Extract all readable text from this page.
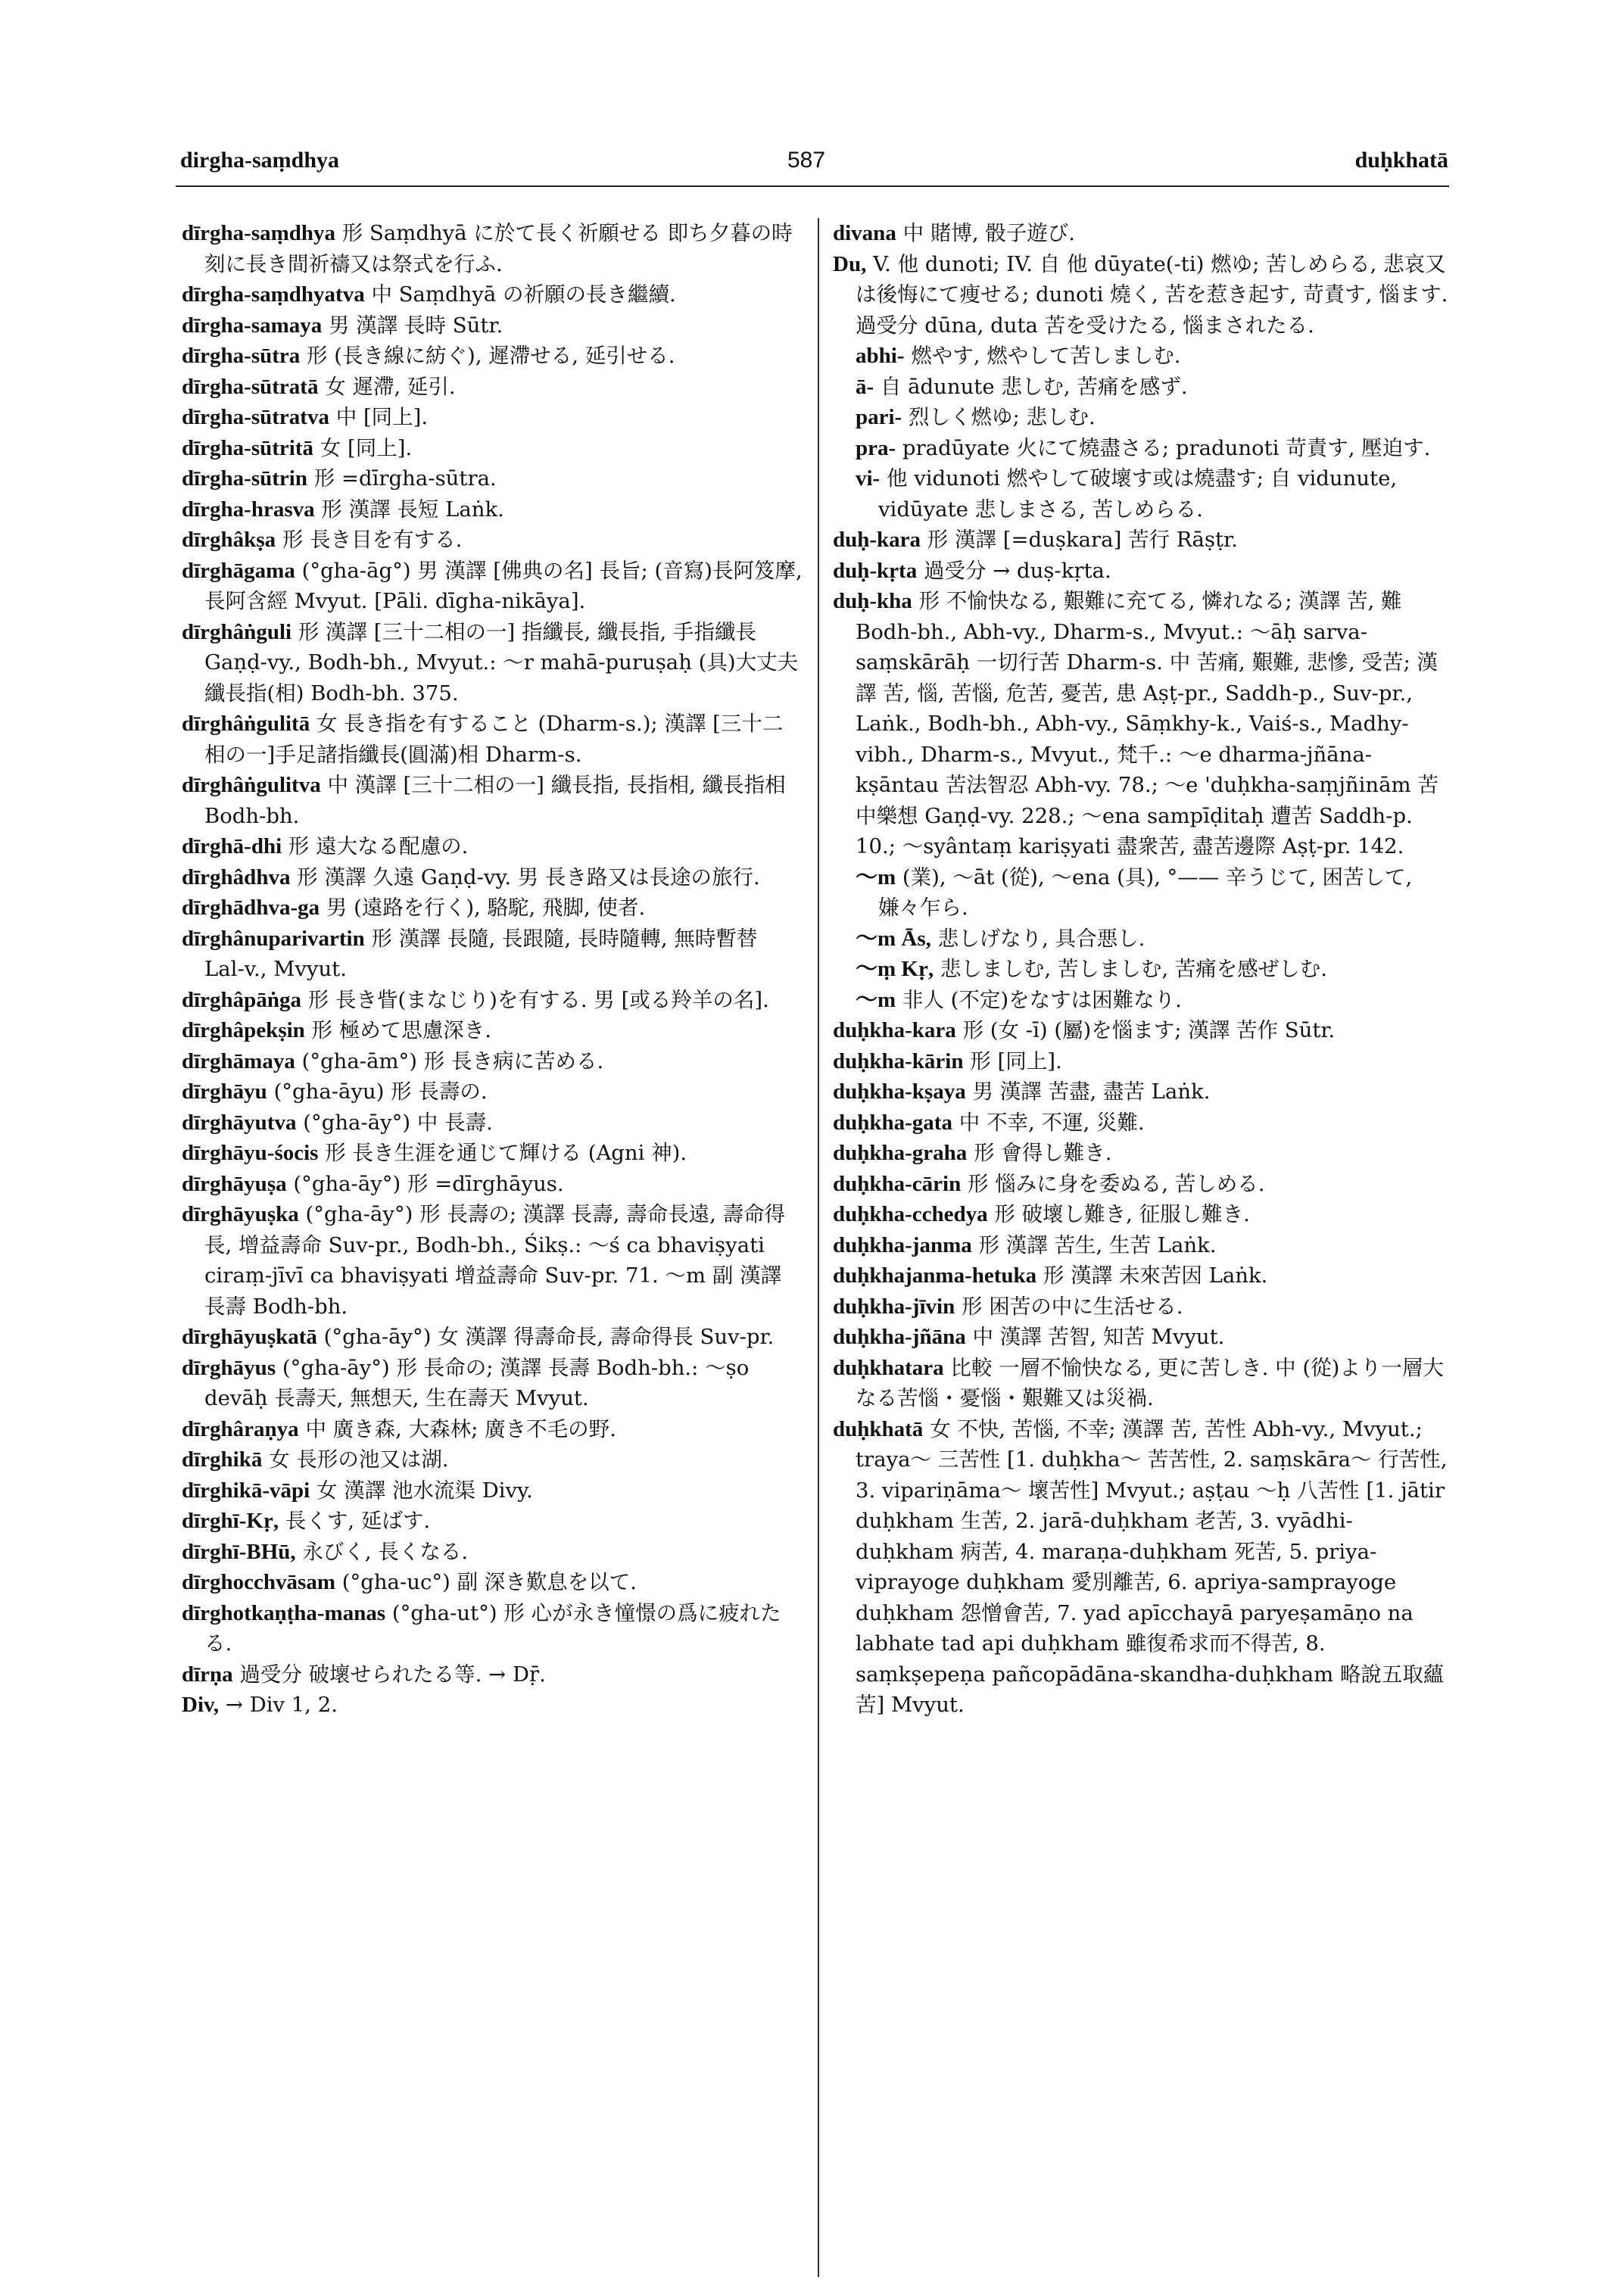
dirgha-saṃdhya	587	duḥkhatā

dīrgha-saṃdhya 形 Saṃdhyā に於て長く祈願せる 即ち夕暮の時刻に長き間祈禱又は祭式を行ふ.

dīrgha-saṃdhyatva 中 Saṃdhyā の祈願の長き繼續.

dīrgha-samaya 男 漢譯 長時 Sūtr.

dīrgha-sūtra 形 (長き線に紡ぐ), 遲滯せる, 延引せる.

dīrgha-sūtratā 女 遲滯, 延引.

dīrgha-sūtratva 中 [同上].

dīrgha-sūtritā 女 [同上].

dīrgha-sūtrin 形 =dīrgha-sūtra.

dīrgha-hrasva 形 漢譯 長短 Laṅk.

dīrghâkṣa 形 長き目を有する.

dīrghāgama (°gha-āg°) 男 漢譯 [佛典の名] 長旨; (音寫)長阿笈摩, 長阿含經 Mvyut. [Pāli. dīgha-nikāya].

dīrghâṅguli 形 漢譯 [三十二相の一] 指纖長, 纖長指, 手指纖長 Gaṇḍ-vy., Bodh-bh., Mvyut.: ～r mahā-puruṣaḥ (具)大丈夫纖長指(相) Bodh-bh. 375.

dīrghâṅgulitā 女 長き指を有すること (Dharm-s.); 漢譯 [三十二相の一]手足諸指纖長(圓滿)相 Dharm-s.

dīrghâṅgulitva 中 漢譯 [三十二相の一] 纖長指, 長指相, 纖長指相 Bodh-bh.

dīrghā-dhi 形 遠大なる配慮の.

dīrghâdhva 形 漢譯 久遠 Gaṇḍ-vy. 男 長き路又は長途の旅行.

dīrghādhva-ga 男 (遠路を行く), 駱駝, 飛脚, 使者.

dīrghânuparivartin 形 漢譯 長隨, 長跟隨, 長時隨轉, 無時暫替 Lal-v., Mvyut.

dīrghâpāṅga 形 長き眥(まなじり)を有する. 男 [或る羚羊の名].

dīrghâpekṣin 形 極めて思慮深き.

dīrghāmaya (°gha-ām°) 形 長き病に苦める.

dīrghāyu (°gha-āyu) 形 長壽の.

dīrghāyutva (°gha-āy°) 中 長壽.

dīrghāyu-śocis 形 長き生涯を通じて輝ける (Agni 神).

dīrghāyuṣa (°gha-āy°) 形 =dīrghāyus.

dīrghāyuṣka (°gha-āy°) 形 長壽の; 漢譯 長壽, 壽命長遠, 壽命得長, 增益壽命 Suv-pr., Bodh-bh., Śikṣ.: ～ś ca bhaviṣyati ciraṃ-jīvī ca bhaviṣyati 增益壽命 Suv-pr. 71. ～m 副 漢譯 長壽 Bodh-bh.

dīrghāyuṣkatā (°gha-āy°) 女 漢譯 得壽命長, 壽命得長 Suv-pr.

dīrghāyus (°gha-āy°) 形 長命の; 漢譯 長壽 Bodh-bh.: ～ṣo devāḥ 長壽天, 無想天, 生在壽天 Mvyut.

dīrghâraṇya 中 廣き森, 大森林; 廣き不毛の野.

dīrghikā 女 長形の池又は湖.

dīrghikā-vāpi 女 漢譯 池水流渠 Divy.

dīrghī-Kṛ, 長くす, 延ばす.

dīrghī-BHū, 永びく, 長くなる.

dīrghocchvāsam (°gha-uc°) 副 深き歎息を以て.

dīrghotkaṇṭha-manas (°gha-ut°) 形 心が永き憧憬の爲に疲れたる.

dīrṇa 過受分 破壞せられたる等. → Dṝ.

Div, → Div 1, 2.

divana 中 賭博, 骰子遊び.

Du, V. 他 dunoti; IV. 自 他 dūyate(-ti) 燃ゆ; 苦しめらる, 悲哀又は後悔にて痩せる; dunoti 燒く, 苦を惹き起す, 苛責す, 惱ます. 過受分 dūna, duta 苦を受けたる, 惱まされたる.

abhi- 燃やす, 燃やして苦しましむ.

ā- 自 ādunute 悲しむ, 苦痛を感ず.

pari- 烈しく燃ゆ; 悲しむ.

pra- pradūyate 火にて燒盡さる; pradunoti 苛責す, 壓迫す.

vi- 他 vidunoti 燃やして破壞す或は燒盡す; 自 vidunute, vidūyate 悲しまさる, 苦しめらる.

duḥ-kara 形 漢譯 [=duṣkara] 苦行 Rāṣṭr.

duḥ-kṛta 過受分 → duṣ-kṛta.

duḥ-kha 形 不愉快なる, 艱難に充てる, 憐れなる; 漢譯 苦, 難 Bodh-bh., Abh-vy., Dharm-s., Mvyut.: ～āḥ sarva-saṃskārāḥ 一切行苦 Dharm-s. 中 苦痛, 艱難, 悲慘, 受苦; 漢譯 苦, 惱, 苦惱, 危苦, 憂苦, 患 Aṣṭ-pr., Saddh-p., Suv-pr., Laṅk., Bodh-bh., Abh-vy., Sāṃkhy-k., Vaiś-s., Madhy-vibh., Dharm-s., Mvyut., 梵千.: ～e dharma-jñāna-kṣāntau 苦法智忍 Abh-vy. 78.; ～e 'duḥkha-saṃjñinām 苦中樂想 Gaṇḍ-vy. 228.; ～ena sampīḍitaḥ 遭苦 Saddh-p. 10.; ～syântaṃ kariṣyati 盡衆苦, 盡苦邊際 Aṣṭ-pr. 142.

～m (業), ～āt (從), ～ena (具), °—— 辛うじて, 困苦して, 嫌々乍ら.

～m Ās, 悲しげなり, 具合悪し.

～ṃ Kṛ, 悲しましむ, 苦しましむ, 苦痛を感ぜしむ.

～m 非人 (不定)をなすは困難なり.

duḥkha-kara 形 (女 -ī) (屬)を惱ます; 漢譯 苦作 Sūtr.

duḥkha-kārin 形 [同上].

duḥkha-kṣaya 男 漢譯 苦盡, 盡苦 Laṅk.

duḥkha-gata 中 不幸, 不運, 災難.

duḥkha-graha 形 會得し難き.

duḥkha-cārin 形 惱みに身を委ぬる, 苦しめる.

duḥkha-cchedya 形 破壞し難き, 征服し難き.

duḥkha-janma 形 漢譯 苦生, 生苦 Laṅk.

duḥkhajanma-hetuka 形 漢譯 未來苦因 Laṅk.

duḥkha-jīvin 形 困苦の中に生活せる.

duḥkha-jñāna 中 漢譯 苦智, 知苦 Mvyut.

duḥkhatara 比較 一層不愉快なる, 更に苦しき. 中 (從)より一層大なる苦惱・憂惱・艱難又は災禍.

duḥkhatā 女 不快, 苦惱, 不幸; 漢譯 苦, 苦性 Abh-vy., Mvyut.; traya～ 三苦性 [1. duḥkha～ 苦苦性, 2. saṃskāra～ 行苦性, 3. vipariṇāma～ 壞苦性] Mvyut.; aṣṭau ～ḥ 八苦性 [1. jātir duḥkham 生苦, 2. jarā-duḥkham 老苦, 3. vyādhi-duḥkham 病苦, 4. maraṇa-duḥkham 死苦, 5. priya-viprayoge duḥkham 愛別離苦, 6. apriya-samprayoge duḥkham 怨憎會苦, 7. yad apīcchayā paryeṣamāṇo na labhate tad api duḥkham 雖復希求而不得苦, 8. saṃkṣepeṇa pañcopādāna-skandha-duḥkham 略說五取蘊苦] Mvyut.
